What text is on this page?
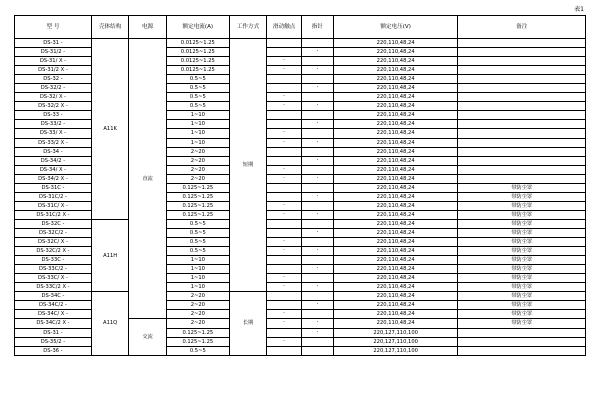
表1
型 号	壳体结构	电源	额定电流(A)	工作方式	滑动触点	指针	额定电压(V)	备注
DS-31 -	A11K	直流	0.0125~1.25	短期			220,110,48,24	
DS-31/2 -			0.0125~1.25			·	220,110,48,24	
DS-31/ X -			0.0125~1.25		·		220,110,48,24	
DS-31/2 X -			0.0125~1.25		·	·	220,110,48,24	
DS-32 -			0.5~5				220,110,48,24	
DS-32/2 -			0.5~5			·	220,110,48,24	
DS-32/ X -			0.5~5		·		220,110,48,24	
DS-32/2 X -			0.5~5		·	·	220,110,48,24	
DS-33 -			1~10				220,110,48,24	
DS-33/2 -			1~10			·	220,110,48,24	
DS-33/ X -			1~10		·		220,110,48,24	
DS-33/2 X -			1~10		·	·	220,110,48,24	
DS-34 -			2~20				220,110,48,24	
DS-34/2 -			2~20			·	220,110,48,24	
DS-34/ X -			2~20		·		220,110,48,24	
DS-34/2 X -			2~20		·	·	220,110,48,24	
DS-31C -			0.125~1.25				220,110,48,24	带防尘罩
DS-31C/2 -			0.125~1.25			·	220,110,48,24	带防尘罩
DS-31C/ X -			0.125~1.25		·		220,110,48,24	带防尘罩
DS-31C/2 X -			0.125~1.25		·	·	220,110,48,24	带防尘罩
DS-32C -	A11H		0.5~5				220,110,48,24	带防尘罩
DS-32C/2 -			0.5~5			·	220,110,48,24	带防尘罩
DS-32C/ X -			0.5~5		·		220,110,48,24	带防尘罩
DS-32C/2 X -			0.5~5		·	·	220,110,48,24	带防尘罩
DS-33C -			1~10				220,110,48,24	带防尘罩
DS-33C/2 -			1~10			·	220,110,48,24	带防尘罩
DS-33C/ X -			1~10		·		220,110,48,24	带防尘罩
DS-33C/2 X -			1~10		·	·	220,110,48,24	带防尘罩
DS-34C -	A11Q		2~20	长期			220,110,48,24	带防尘罩
DS-34C/2 -			2~20			·	220,110,48,24	带防尘罩
DS-34C/ X -			2~20		·		220,110,48,24	带防尘罩
DS-34C/2 X -		交流	2~20		·	·	220,110,48,24	带防尘罩
DS-31 -			0.125~1.25			·	220,127,110,100	
DS-35/2 -			0.125~1.25		·		220,127,110,100	
DS-36 -			0.5~5				220,127,110,100	
